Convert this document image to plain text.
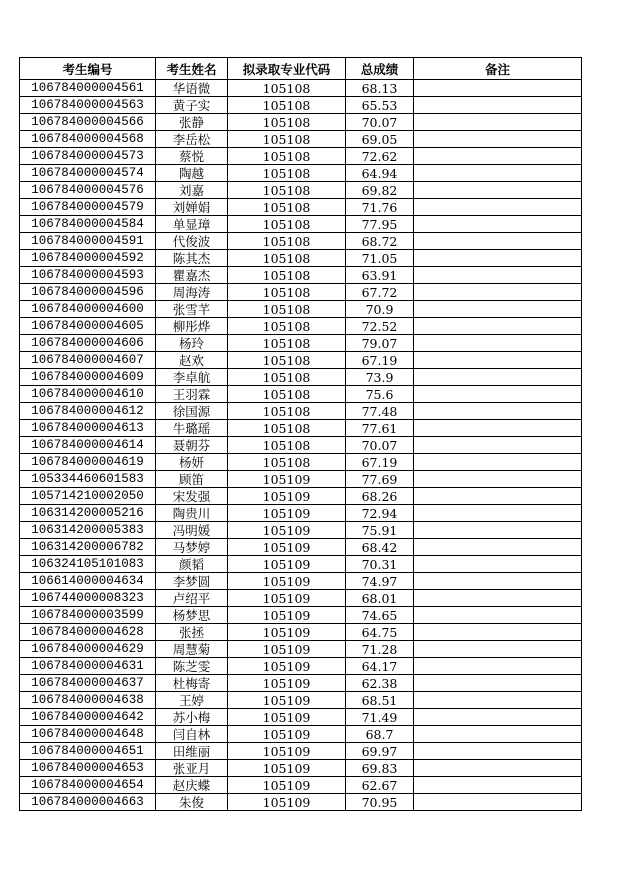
考生编号	考生姓名	拟录取专业代码	总成绩	备注
106784000004561	华语微	105108	68.13	
106784000004563	黄子实	105108	65.53	
106784000004566	张静	105108	70.07	
106784000004568	李岳松	105108	69.05	
106784000004573	蔡悦	105108	72.62	
106784000004574	陶越	105108	64.94	
106784000004576	刘嘉	105108	69.82	
106784000004579	刘婵娟	105108	71.76	
106784000004584	单显璋	105108	77.95	
106784000004591	代俊波	105108	68.72	
106784000004592	陈其杰	105108	71.05	
106784000004593	瞿嘉杰	105108	63.91	
106784000004596	周海涛	105108	67.72	
106784000004600	张雪芊	105108	70.9	
106784000004605	柳彤烨	105108	72.52	
106784000004606	杨玲	105108	79.07	
106784000004607	赵欢	105108	67.19	
106784000004609	李卓航	105108	73.9	
106784000004610	王羽霖	105108	75.6	
106784000004612	徐国源	105108	77.48	
106784000004613	牛璐瑶	105108	77.61	
106784000004614	聂朝芬	105108	70.07	
106784000004619	杨妍	105108	67.19	
105334460601583	顾笛	105109	77.69	
105714210002050	宋发强	105109	68.26	
106314200005216	陶贵川	105109	72.94	
106314200005383	冯明媛	105109	75.91	
106314200006782	马梦婷	105109	68.42	
106324105101083	颜韬	105109	70.31	
106614000004634	李梦圆	105109	74.97	
106744000008323	卢绍平	105109	68.01	
106784000003599	杨梦思	105109	74.65	
106784000004628	张拯	105109	64.75	
106784000004629	周慧菊	105109	71.28	
106784000004631	陈芝雯	105109	64.17	
106784000004637	杜梅寄	105109	62.38	
106784000004638	王婷	105109	68.51	
106784000004642	苏小梅	105109	71.49	
106784000004648	闫自林	105109	68.7	
106784000004651	田维丽	105109	69.97	
106784000004653	张亚月	105109	69.83	
106784000004654	赵庆蝶	105109	62.67	
106784000004663	朱俊	105109	70.95	
